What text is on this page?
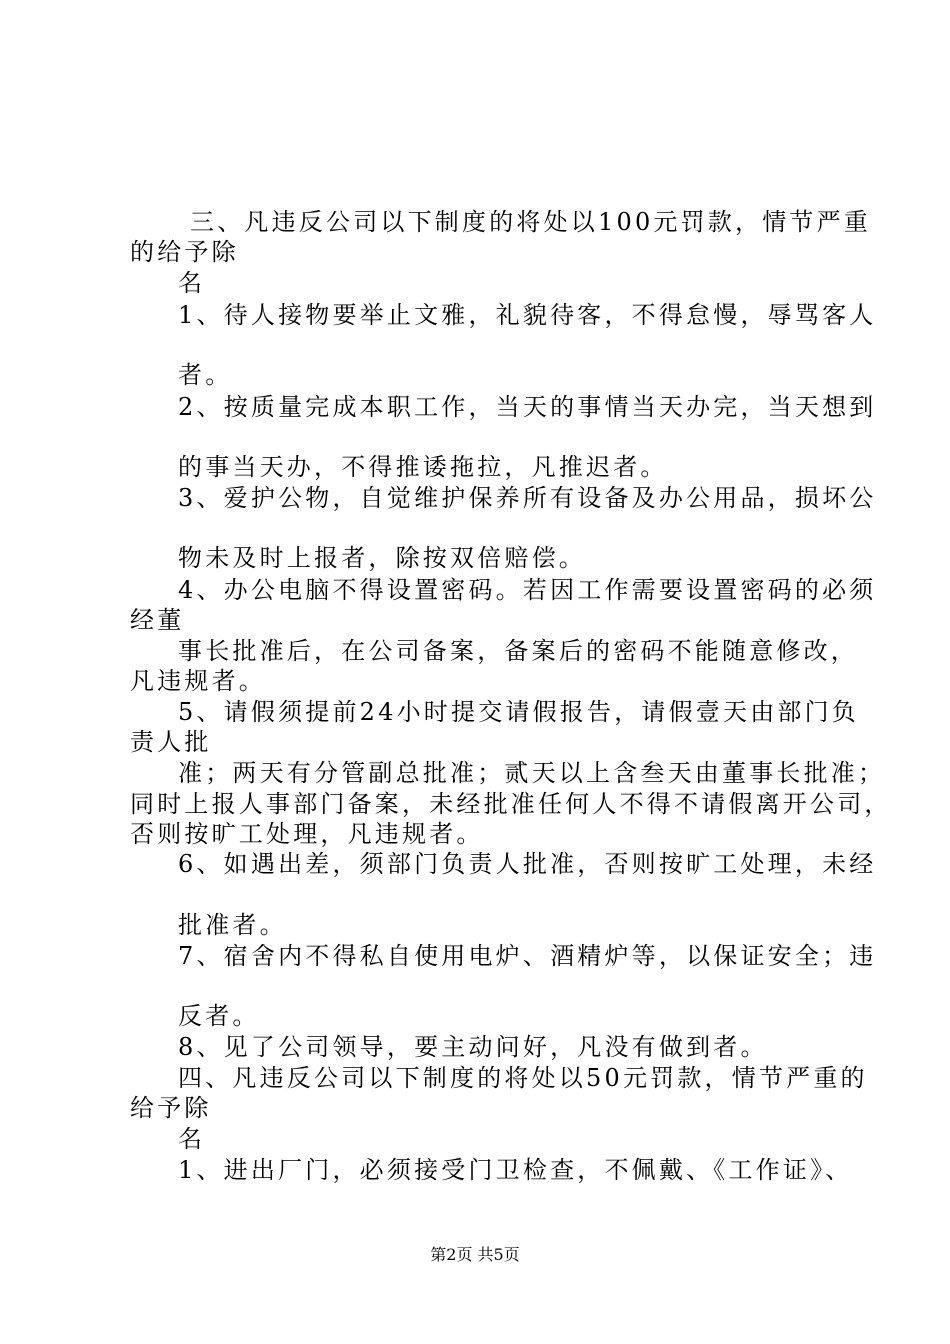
三、凡违反公司以下制度的将处以100元罚款，情节严重
的给予除
名
1、待人接物要举止文雅，礼貌待客，不得怠慢，辱骂客人
者。
2、按质量完成本职工作，当天的事情当天办完，当天想到
的事当天办，不得推诿拖拉，凡推迟者。
3、爱护公物，自觉维护保养所有设备及办公用品，损坏公
物未及时上报者，除按双倍赔偿。
4、办公电脑不得设置密码。若因工作需要设置密码的必须
经董
事长批准后，在公司备案，备案后的密码不能随意修改，
凡违规者。
5、请假须提前24小时提交请假报告，请假壹天由部门负
责人批
准；两天有分管副总批准；贰天以上含叁天由董事长批准；
同时上报人事部门备案，未经批准任何人不得不请假离开公司，
否则按旷工处理，凡违规者。
6、如遇出差，须部门负责人批准，否则按旷工处理，未经
批准者。
7、宿舍内不得私自使用电炉、酒精炉等，以保证安全；违
反者。
8、见了公司领导，要主动问好，凡没有做到者。
四、凡违反公司以下制度的将处以50元罚款，情节严重的
给予除
名
1、进出厂门，必须接受门卫检查，不佩戴、《工作证》、
第2页 共5页
